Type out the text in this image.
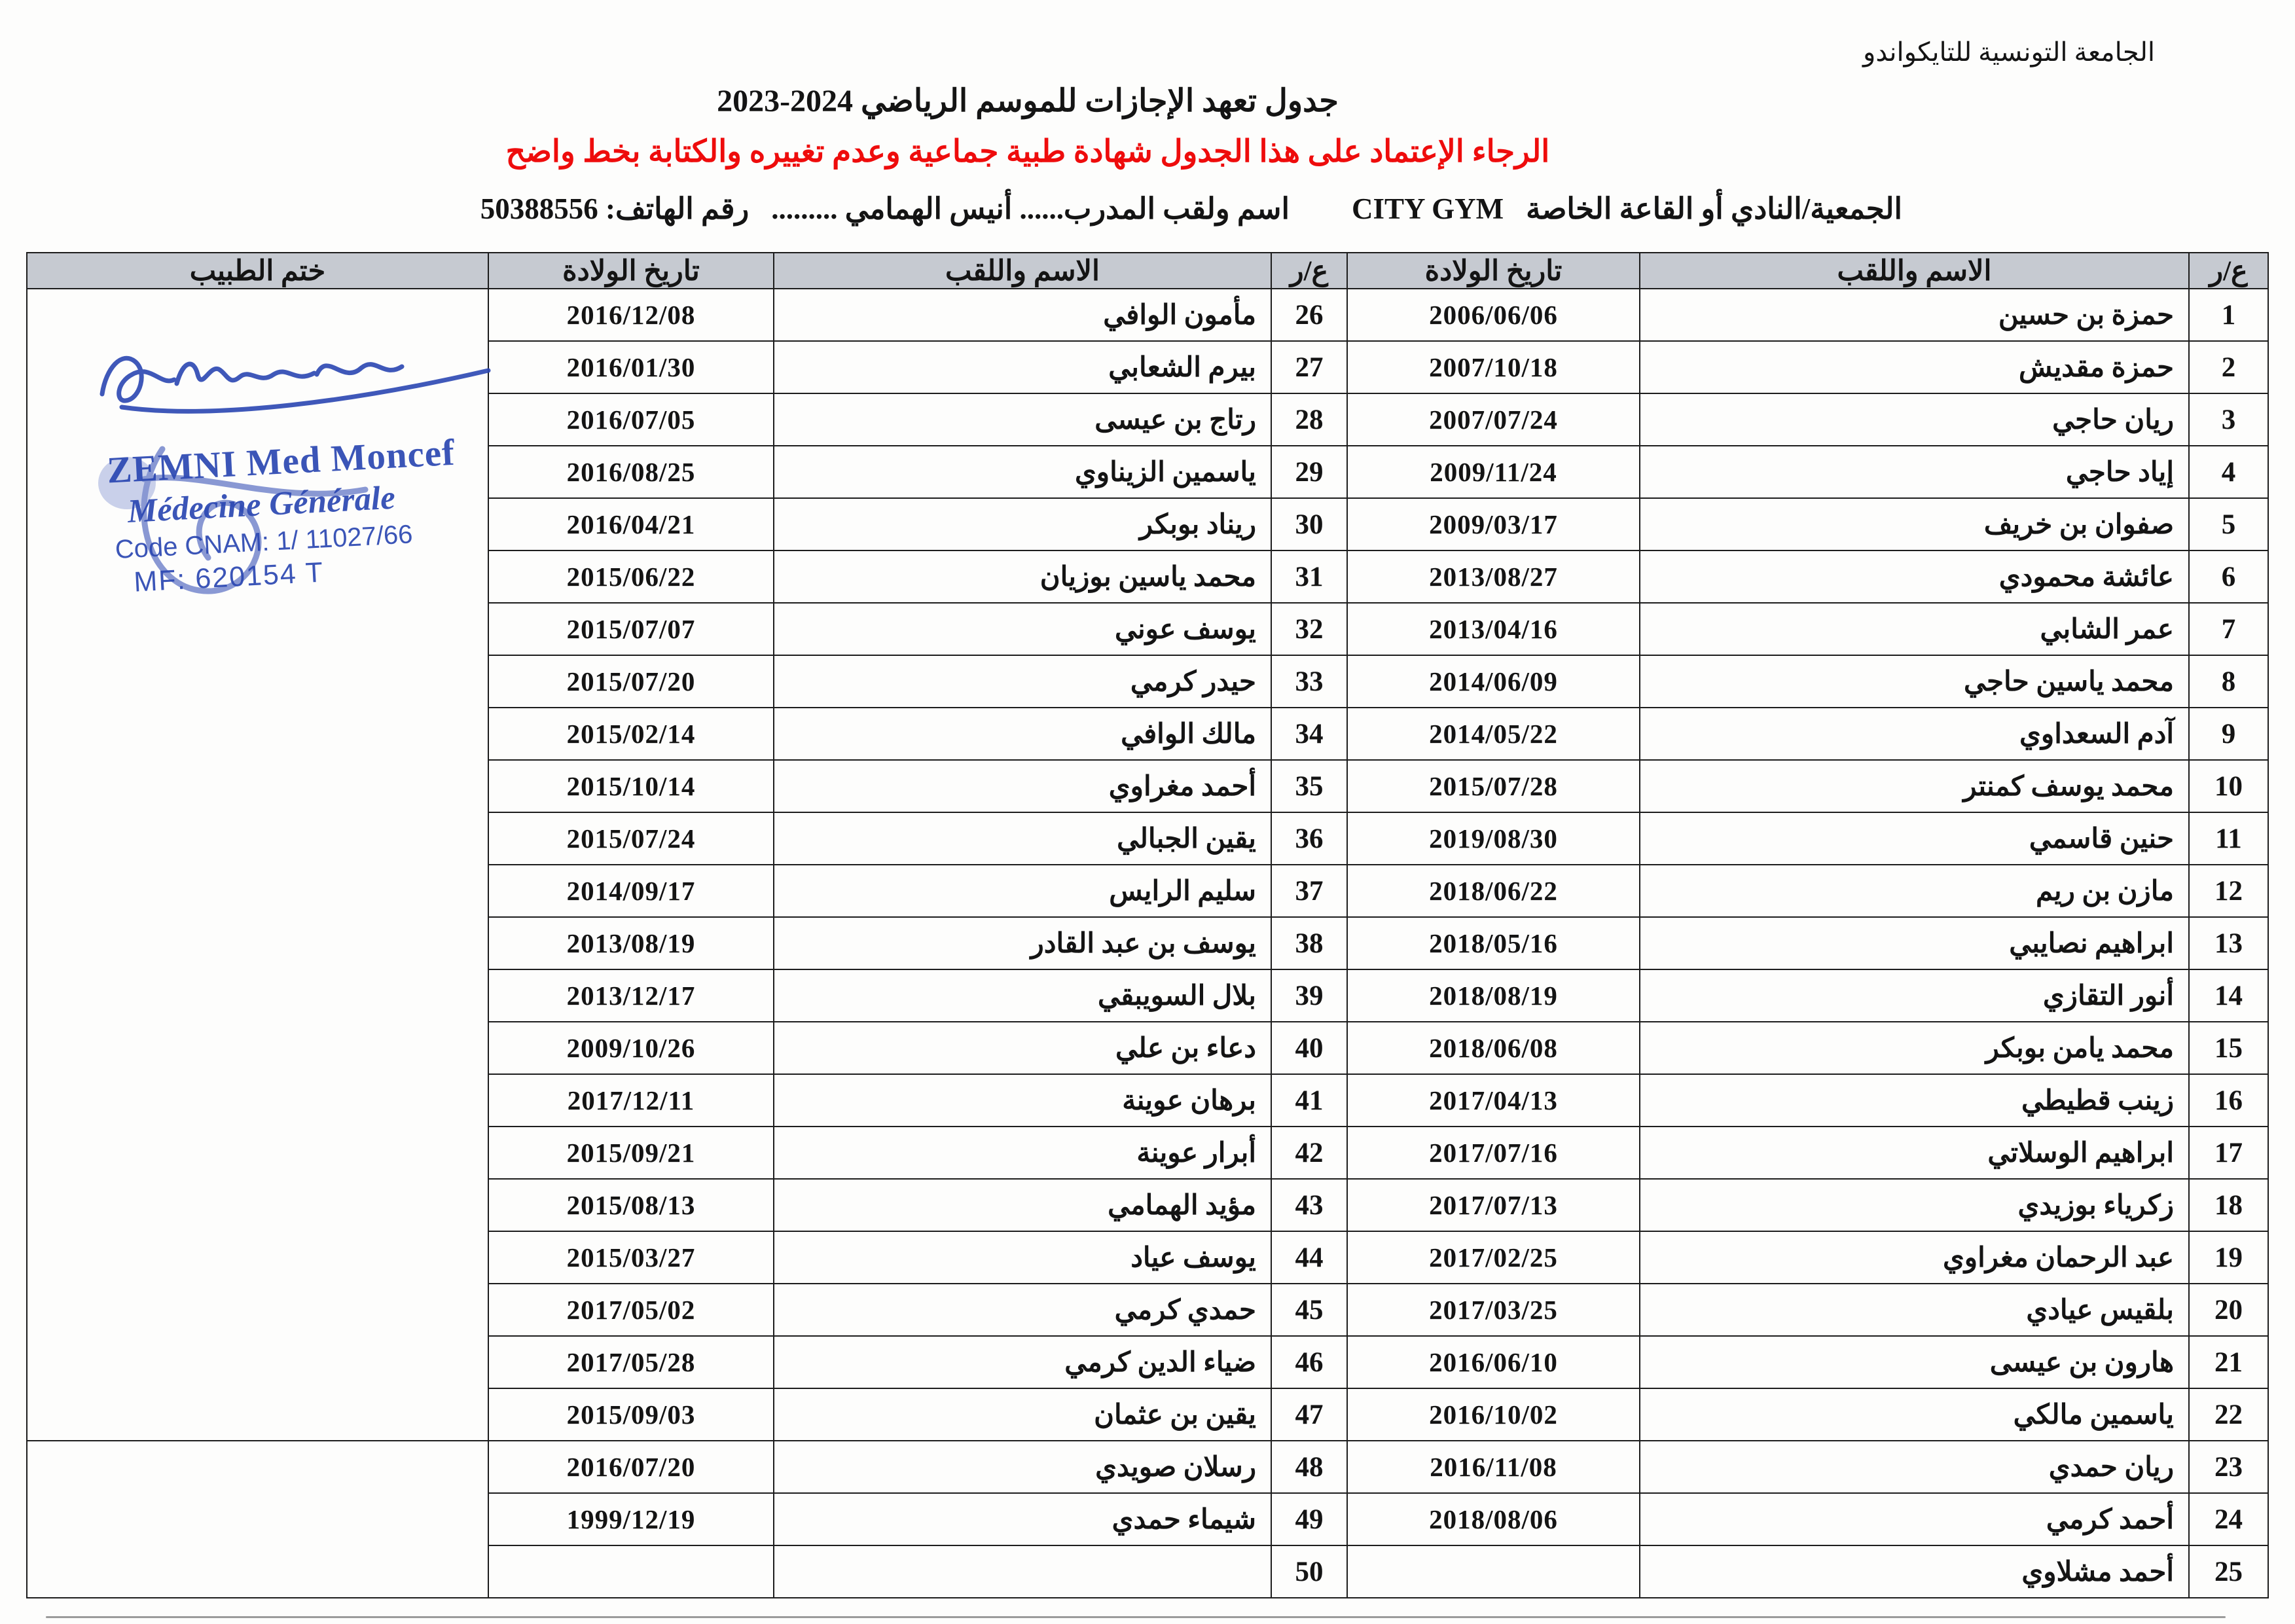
الجامعة التونسية للتايكواندو
جدول تعهد الإجازات للموسم الرياضي 2024-2023
الرجاء الإعتماد على هذا الجدول شهادة طبية جماعية وعدم تغييره والكتابة بخط واضح
الجمعية/النادي أو القاعة الخاصةCITY GYMاسم ولقب المدرب...... أنيس الهمامي .........رقم الهاتف: 50388556
ع/ر	الاسم واللقب	تاريخ الولادة	ع/ر	الاسم واللقب	تاريخ الولادة	ختم الطبيب
1	حمزة بن حسين	2006/06/06	26	مأمون الوافي	2016/12/08	
2	حمزة مقديش	2007/10/18	27	بيرم الشعابي	2016/01/30	
3	ريان حاجي	2007/07/24	28	رتاج بن عيسى	2016/07/05	
4	إياد حاجي	2009/11/24	29	ياسمين الزيناوي	2016/08/25	
5	صفوان بن خريف	2009/03/17	30	ريناد بوبكر	2016/04/21	
6	عائشة محمودي	2013/08/27	31	محمد ياسين بوزيان	2015/06/22	
7	عمر الشابي	2013/04/16	32	يوسف عوني	2015/07/07	
8	محمد ياسين حاجي	2014/06/09	33	حيدر كرمي	2015/07/20	
9	آدم السعداوي	2014/05/22	34	مالك الوافي	2015/02/14	
10	محمد يوسف كمنتر	2015/07/28	35	أحمد مغراوي	2015/10/14	
11	حنين قاسمي	2019/08/30	36	يقين الجبالي	2015/07/24	
12	مازن بن ريم	2018/06/22	37	سليم الرايس	2014/09/17	
13	ابراهيم نصايبي	2018/05/16	38	يوسف بن عبد القادر	2013/08/19	
14	أنور التقازي	2018/08/19	39	بلال السويبقي	2013/12/17	
15	محمد يامن بوبكر	2018/06/08	40	دعاء بن علي	2009/10/26	
16	زينب قطيطي	2017/04/13	41	برهان عوينة	2017/12/11	
17	ابراهيم الوسلاتي	2017/07/16	42	أبرار عوينة	2015/09/21	
18	زكرياء بوزيدي	2017/07/13	43	مؤيد الهمامي	2015/08/13	
19	عبد الرحمان مغراوي	2017/02/25	44	يوسف عياد	2015/03/27	
20	بلقيس عيادي	2017/03/25	45	حمدي كرمي	2017/05/02	
21	هارون بن عيسى	2016/06/10	46	ضياء الدين كرمي	2017/05/28	
22	ياسمين مالكي	2016/10/02	47	يقين بن عثمان	2015/09/03	
23	ريان حمدي	2016/11/08	48	رسلان صويدي	2016/07/20	
24	أحمد كرمي	2018/08/06	49	شيماء حمدي	1999/12/19	
25	أحمد مشلاوي		50			
ZEMNI Med Moncef
Médecine Générale
Code CNAM: 1/ 11027/66
MF: 620154 T
